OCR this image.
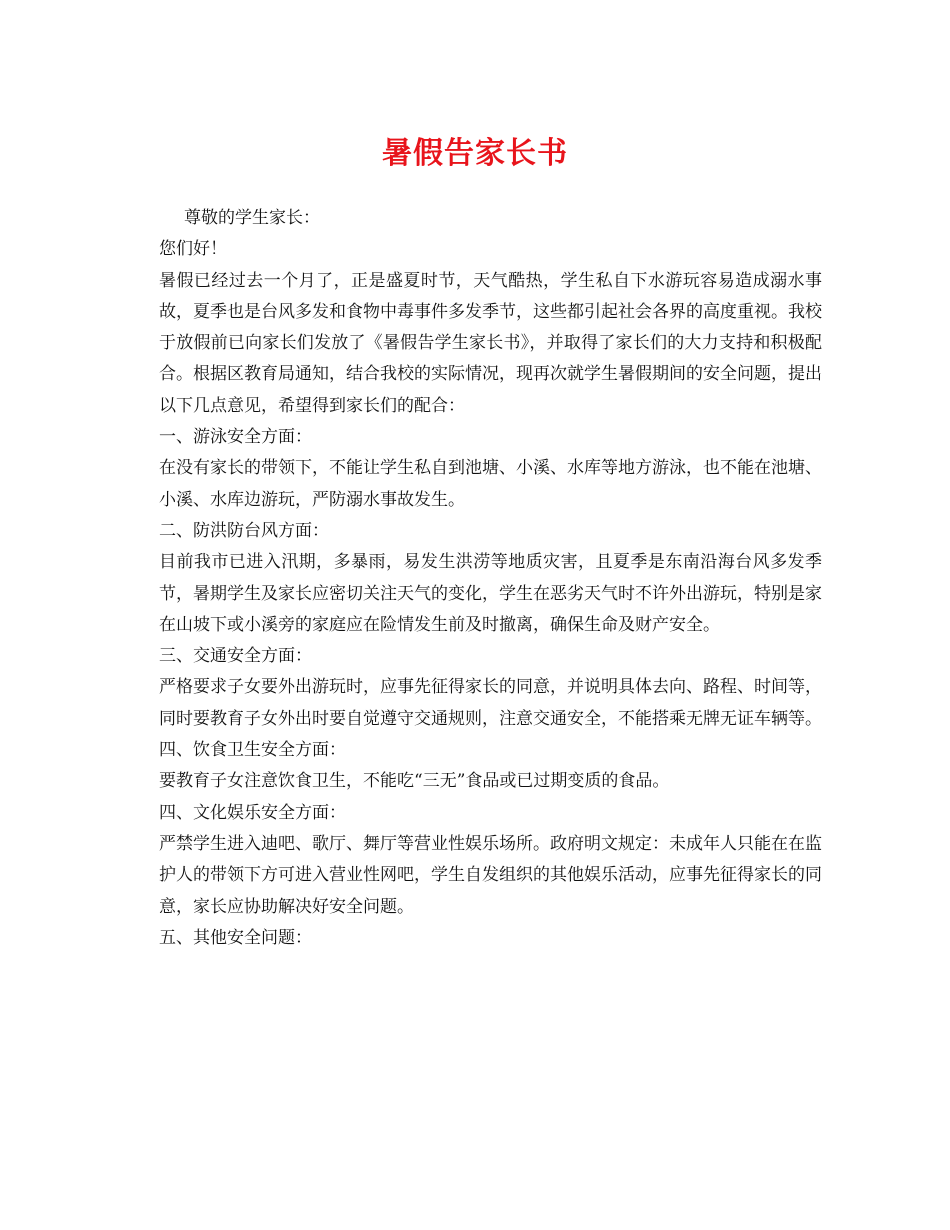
暑假告家长书

尊敬的学生家长：

您们好！

暑假已经过去一个月了，正是盛夏时节，天气酷热，学生私自下水游玩容易造成溺水事故，夏季也是台风多发和食物中毒事件多发季节，这些都引起社会各界的高度重视。我校于放假前已向家长们发放了《暑假告学生家长书》，并取得了家长们的大力支持和积极配合。根据区教育局通知，结合我校的实际情况，现再次就学生暑假期间的安全问题，提出以下几点意见，希望得到家长们的配合：

一、游泳安全方面：

在没有家长的带领下，不能让学生私自到池塘、小溪、水库等地方游泳，也不能在池塘、小溪、水库边游玩，严防溺水事故发生。

二、防洪防台风方面：

目前我市已进入汛期，多暴雨，易发生洪涝等地质灾害，且夏季是东南沿海台风多发季节，暑期学生及家长应密切关注天气的变化，学生在恶劣天气时不许外出游玩，特别是家在山坡下或小溪旁的家庭应在险情发生前及时撤离，确保生命及财产安全。

三、交通安全方面：

严格要求子女要外出游玩时，应事先征得家长的同意，并说明具体去向、路程、时间等，同时要教育子女外出时要自觉遵守交通规则，注意交通安全，不能搭乘无牌无证车辆等。

四、饮食卫生安全方面：

要教育子女注意饮食卫生，不能吃“三无”食品或已过期变质的食品。

四、文化娱乐安全方面：

严禁学生进入迪吧、歌厅、舞厅等营业性娱乐场所。政府明文规定：未成年人只能在在监护人的带领下方可进入营业性网吧，学生自发组织的其他娱乐活动，应事先征得家长的同意，家长应协助解决好安全问题。

五、其他安全问题：
